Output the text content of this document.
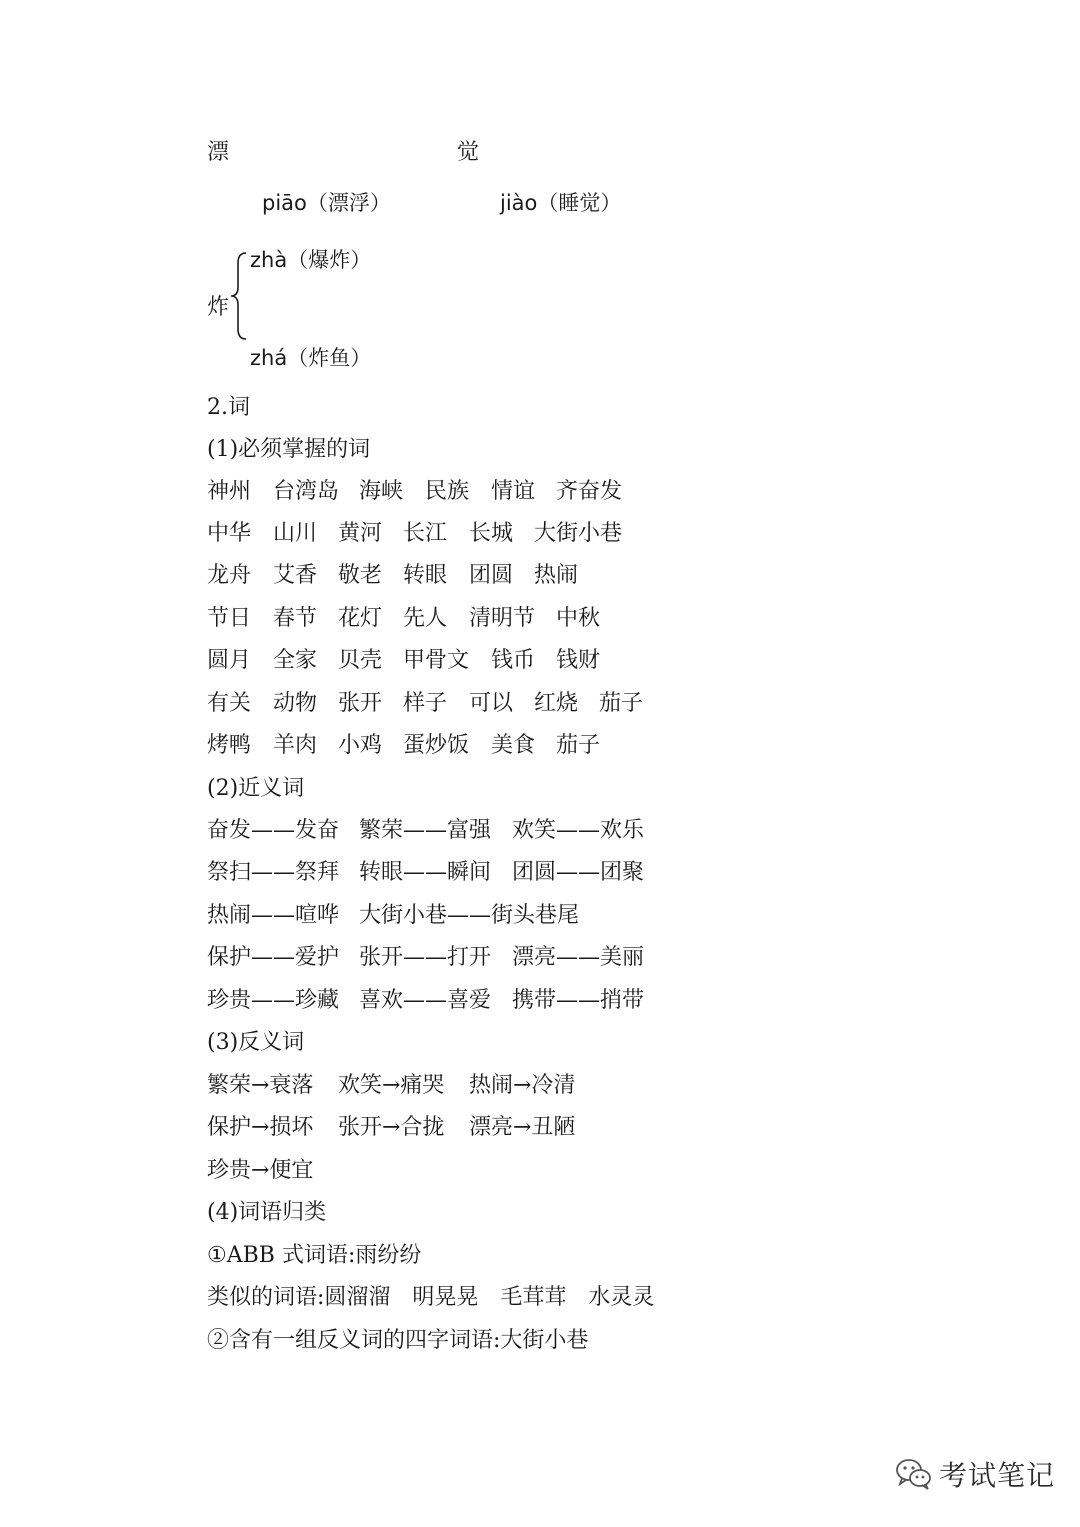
漂	觉
piāo（漂浮）	jiào（睡觉）
zhà（爆炸）
炸
zhá（炸鱼）
2.词
(1)必须掌握的词
神州 台湾岛 海峡 民族 情谊 齐奋发
中华 山川 黄河 长江 长城 大街小巷
龙舟 艾香 敬老 转眼 团圆 热闹
节日 春节 花灯 先人 清明节 中秋
圆月 全家 贝壳 甲骨文 钱币 钱财
有关 动物 张开 样子 可以 红烧 茄子
烤鸭 羊肉 小鸡 蛋炒饭 美食 茄子
(2)近义词
奋发——发奋 繁荣——富强 欢笑——欢乐
祭扫——祭拜 转眼——瞬间 团圆——团聚
热闹——喧哗 大街小巷——街头巷尾
保护——爱护 张开——打开 漂亮——美丽
珍贵——珍藏 喜欢——喜爱 携带——捎带
(3)反义词
繁荣→衰落 欢笑→痛哭 热闹→冷清
保护→损坏 张开→合拢 漂亮→丑陋
珍贵→便宜
(4)词语归类
①ABB 式词语:雨纷纷
类似的词语:圆溜溜　明晃晃　毛茸茸　水灵灵
②含有一组反义词的四字词语:大街小巷
考试笔记
